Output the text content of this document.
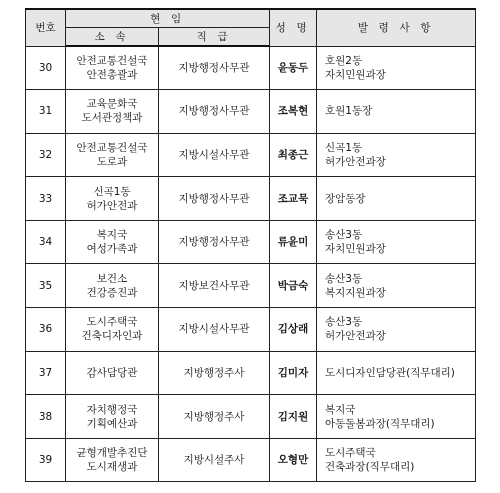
번호	현 임		성 명	발 령 사 항
	소 속	직 급		
30	안전교통건설국
안전총괄과	지방행정사무관	윤동두	호원2동
자치민원과장

31	교육문화국
도서관정책과	지방행정사무관	조복현	호원1동장

32	안전교통건설국
도로과	지방시설사무관	최종근	신곡1동
허가안전과장

33	신곡1동
허가안전과	지방행정사무관	조교묵	장암동장

34	복지국
여성가족과	지방행정사무관	류윤미	송산3동
자치민원과장

35	보건소
건강증진과	지방보건사무관	박금숙	송산3동
복지지원과장

36	도시주택국
건축디자인과	지방시설사무관	김상래	송산3동
허가안전과장

37	감사담당관	지방행정주사	김미자	도시디자인담당관(직무대리)

38	자치행정국
기획예산과	지방행정주사	김지원	복지국
아동돌봄과장(직무대리)

39	균형개발추진단
도시재생과	지방시설주사	오형만	도시주택국
건축과장(직무대리)
